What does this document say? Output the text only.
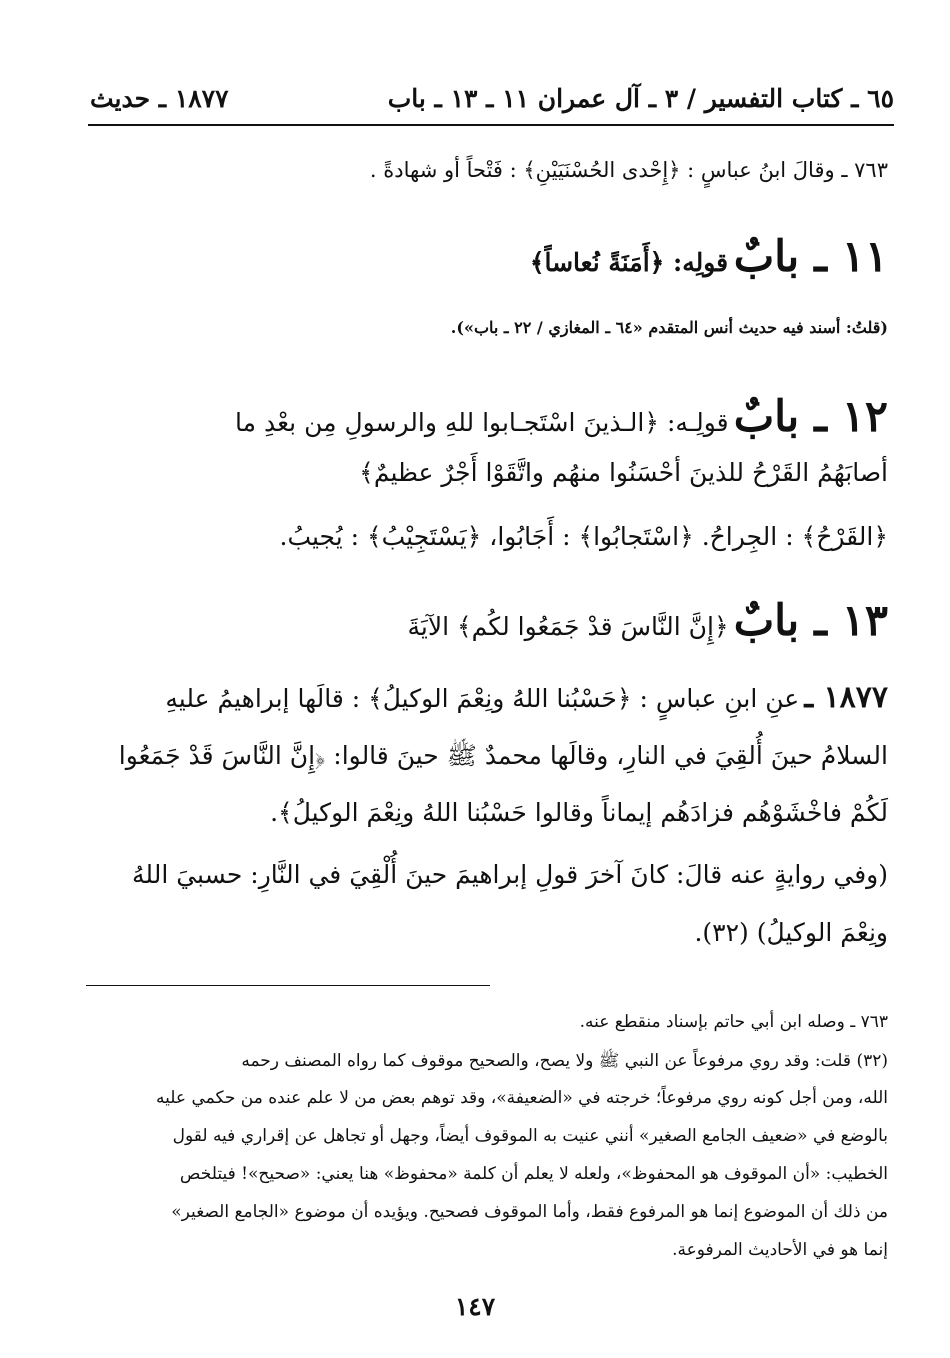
٦٥ ـ كتاب التفسير / ٣ ـ آل عمران ١١ ـ ١٣ ـ باب
١٨٧٧ ـ حديث
٧٦٣ ـ وقالَ ابنُ عباسٍ : ﴿إِحْدى الحُسْنَيَيْنِ﴾ : فَتْحاً أو شهادةً .
١١ ـ بابٌ قولِه: ﴿أَمَنَةً نُعاساً﴾
(قلتُ: أسند فيه حديث أنس المتقدم «٦٤ ـ المغازي / ٢٢ ـ باب»).
١٢ ـ بابٌ قولِـه: ﴿الـذينَ اسْتَجـابوا للهِ والرسولِ مِن بعْدِ ما
أصابَهُمُ القَرْحُ للذينَ أحْسَنُوا منهُم واتَّقَوْا أَجْرٌ عظيمٌ﴾
﴿القَرْحُ﴾ : الجِراحُ. ﴿اسْتَجابُوا﴾ : أَجَابُوا، ﴿يَسْتَجِيْبُ﴾ : يُجيبُ.
١٣ ـ بابٌ ﴿إِنَّ النَّاسَ قدْ جَمَعُوا لكُم﴾ الآيَةَ
١٨٧٧ ـ عنِ ابنِ عباسٍ : ﴿حَسْبُنا اللهُ ونِعْمَ الوكيلُ﴾ : قالَها إبراهيمُ عليهِ
السلامُ حينَ أُلقِيَ في النارِ، وقالَها محمدٌ ﷺ حينَ قالوا: ﴿إِنَّ النَّاسَ قَدْ جَمَعُوا
لَكُمْ فاخْشَوْهُم فزادَهُم إيماناً وقالوا حَسْبُنا اللهُ ونِعْمَ الوكيلُ﴾.
(وفي روايةٍ عنه قالَ: كانَ آخرَ قولِ إبراهيمَ حينَ أُلْقِيَ في النَّارِ: حسبيَ اللهُ
ونِعْمَ الوكيلُ) (٣٢).
٧٦٣ ـ وصله ابن أبي حاتم بإسناد منقطع عنه.
(٣٢) قلت: وقد روي مرفوعاً عن النبي ﷺ ولا يصح، والصحيح موقوف كما رواه المصنف رحمه
الله، ومن أجل كونه روي مرفوعاً؛ خرجته في «الضعيفة»، وقد توهم بعض من لا علم عنده من حكمي عليه
بالوضع في «ضعيف الجامع الصغير» أنني عنيت به الموقوف أيضاً، وجهل أو تجاهل عن إقراري فيه لقول
الخطيب: «أن الموقوف هو المحفوظ»، ولعله لا يعلم أن كلمة «محفوظ» هنا يعني: «صحيح»! فيتلخص
من ذلك أن الموضوع إنما هو المرفوع فقط، وأما الموقوف فصحيح. ويؤيده أن موضوع «الجامع الصغير»
إنما هو في الأحاديث المرفوعة.
١٤٧
